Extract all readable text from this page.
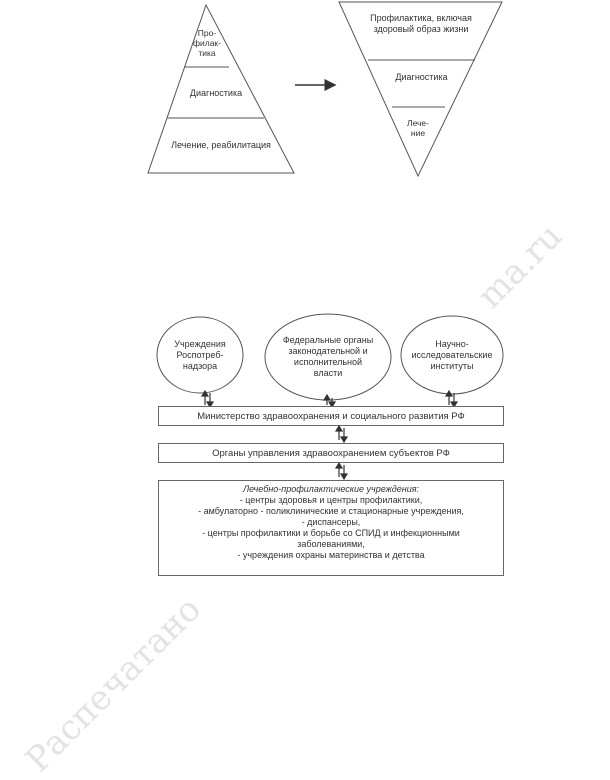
Распечатано
ma.ru
Про-
филак-
тика
Диагностика
Лечение, реабилитация
Профилактика, включая
здоровый образ жизни
Диагностика
Лече-
ние
Учреждения
Роспотреб-
надзора
Федеральные органы
законодательной и
исполнительной
власти
Научно-
исследовательские
институты
Министерство здравоохранения и социального развития РФ
Органы управления здравоохранением субъектов РФ
Лечебно-профилактические учреждения:
- центры здоровья и центры профилактики,
- амбулаторно - поликлинические и стационарные учреждения,
- диспансеры,
- центры профилактики и борьбе со СПИД и инфекционными
заболеваниями,
- учреждения охраны материнства и детства
